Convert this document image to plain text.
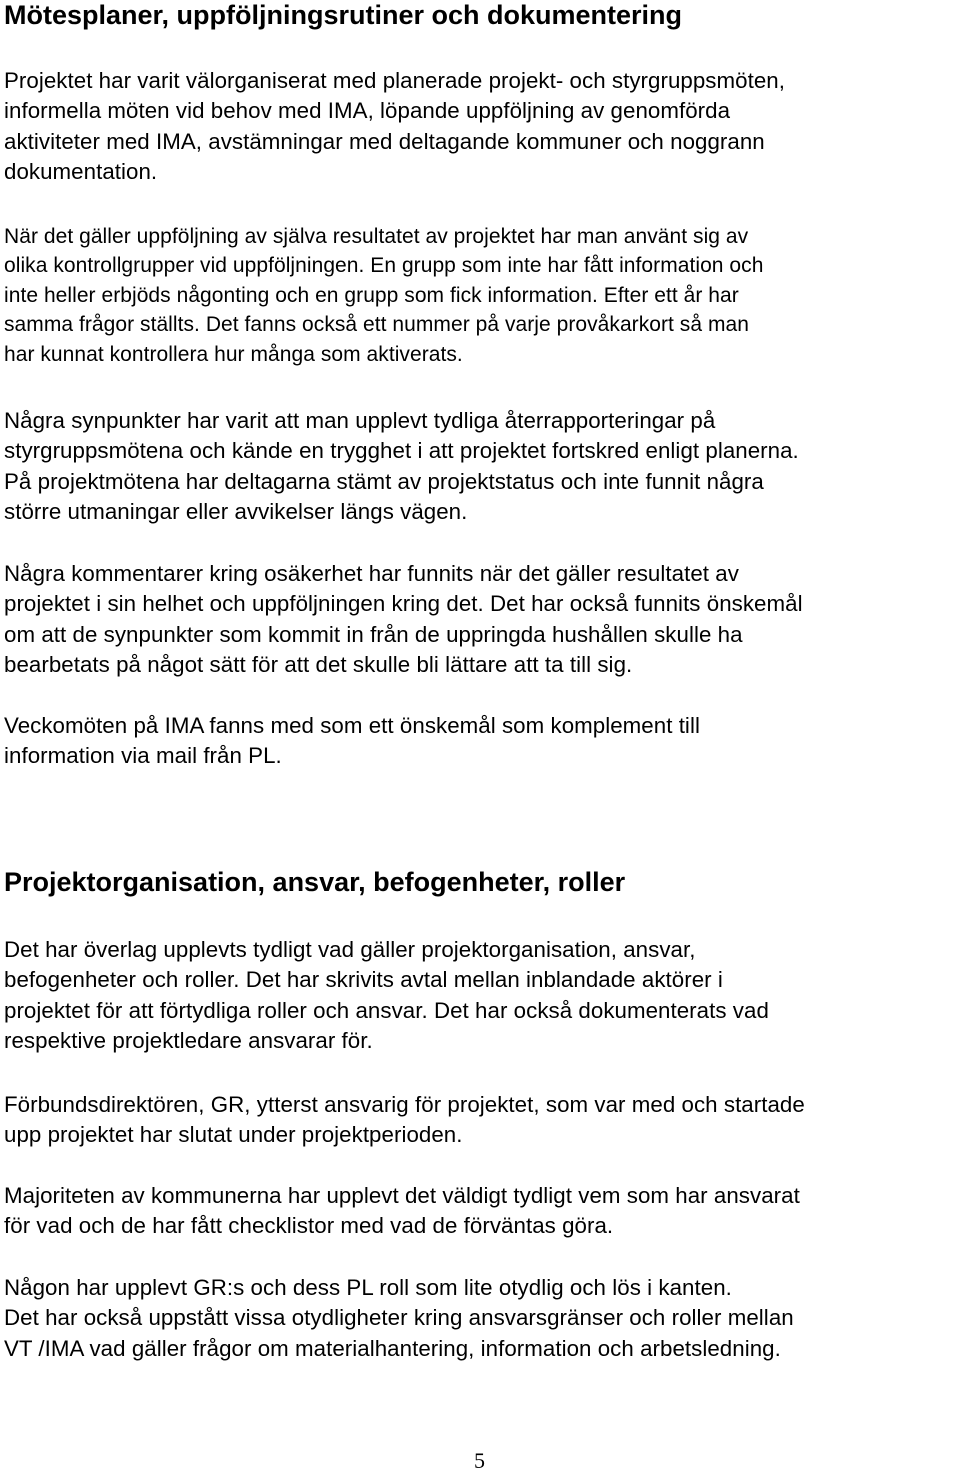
Mötesplaner, uppföljningsrutiner och dokumentering
Projektet har varit välorganiserat med planerade projekt- och styrgruppsmöten,
informella möten vid behov med IMA, löpande uppföljning av genomförda
aktiviteter med IMA, avstämningar med deltagande kommuner och noggrann
dokumentation.
När det gäller uppföljning av själva resultatet av projektet har man använt sig av
olika kontrollgrupper vid uppföljningen. En grupp som inte har fått information och
inte heller erbjöds någonting och en grupp som fick information. Efter ett år har
samma frågor ställts. Det fanns också ett nummer på varje provåkarkort så man
har kunnat kontrollera hur många som aktiverats.
Några synpunkter har varit att man upplevt tydliga återrapporteringar på
styrgruppsmötena och kände en trygghet i att projektet fortskred enligt planerna.
På projektmötena har deltagarna stämt av projektstatus och inte funnit några
större utmaningar eller avvikelser längs vägen.
Några kommentarer kring osäkerhet har funnits när det gäller resultatet av
projektet i sin helhet och uppföljningen kring det. Det har också funnits önskemål
om att de synpunkter som kommit in från de uppringda hushållen skulle ha
bearbetats på något sätt för att det skulle bli lättare att ta till sig.
Veckomöten på IMA fanns med som ett önskemål som komplement till
information via mail från PL.
Projektorganisation, ansvar, befogenheter, roller
Det har överlag upplevts tydligt vad gäller projektorganisation, ansvar,
befogenheter och roller. Det har skrivits avtal mellan inblandade aktörer i
projektet för att förtydliga roller och ansvar. Det har också dokumenterats vad
respektive projektledare ansvarar för.
Förbundsdirektören, GR, ytterst ansvarig för projektet, som var med och startade
upp projektet har slutat under projektperioden.
Majoriteten av kommunerna har upplevt det väldigt tydligt vem som har ansvarat
för vad och de har fått checklistor med vad de förväntas göra.
Någon har upplevt GR:s och dess PL roll som lite otydlig och lös i kanten.
Det har också uppstått vissa otydligheter kring ansvarsgränser och roller mellan
VT /IMA vad gäller frågor om materialhantering, information och arbetsledning.
5
